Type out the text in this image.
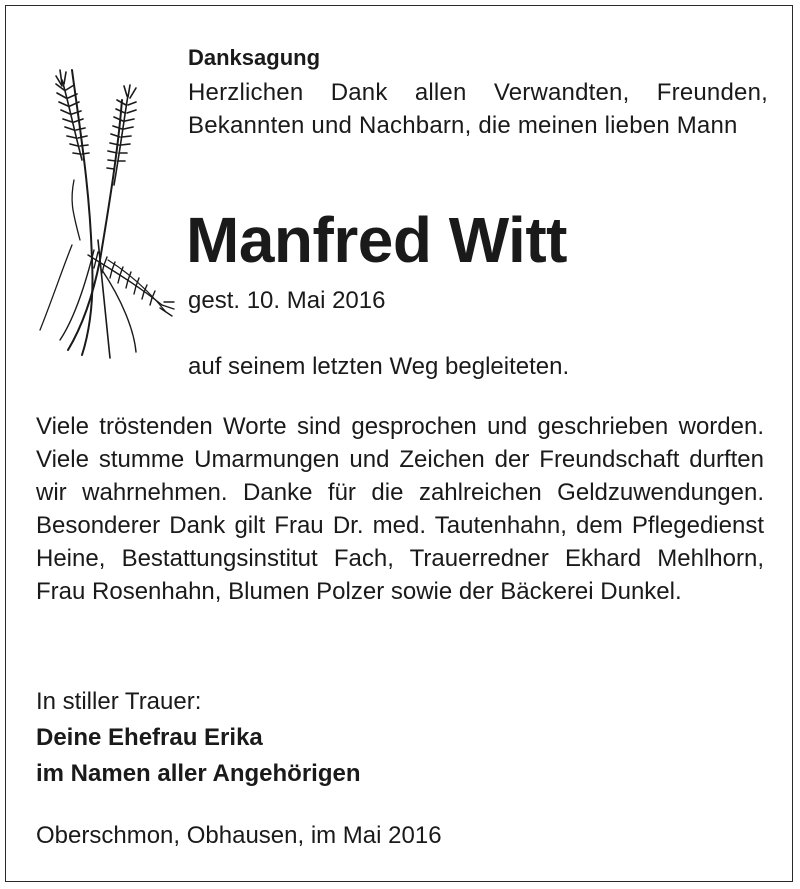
Danksagung

Herzlichen Dank allen Verwandten, Freunden, Bekannten und Nachbarn, die meinen lieben Mann

Manfred Witt
gest. 10. Mai 2016
auf seinem letzten Weg begleiteten.

Viele tröstenden Worte sind gesprochen und geschrieben worden. Viele stumme Umarmungen und Zeichen der Freundschaft durften wir wahrnehmen. Danke für die zahlreichen Geldzuwendungen. Besonderer Dank gilt Frau Dr. med. Tautenhahn, dem Pflegedienst Heine, Bestattungsinstitut Fach, Trauerredner Ekhard Mehlhorn, Frau Rosenhahn, Blumen Polzer sowie der Bäckerei Dunkel.

In stiller Trauer:
Deine Ehefrau Erika
im Namen aller Angehörigen
Oberschmon, Obhausen, im Mai 2016
